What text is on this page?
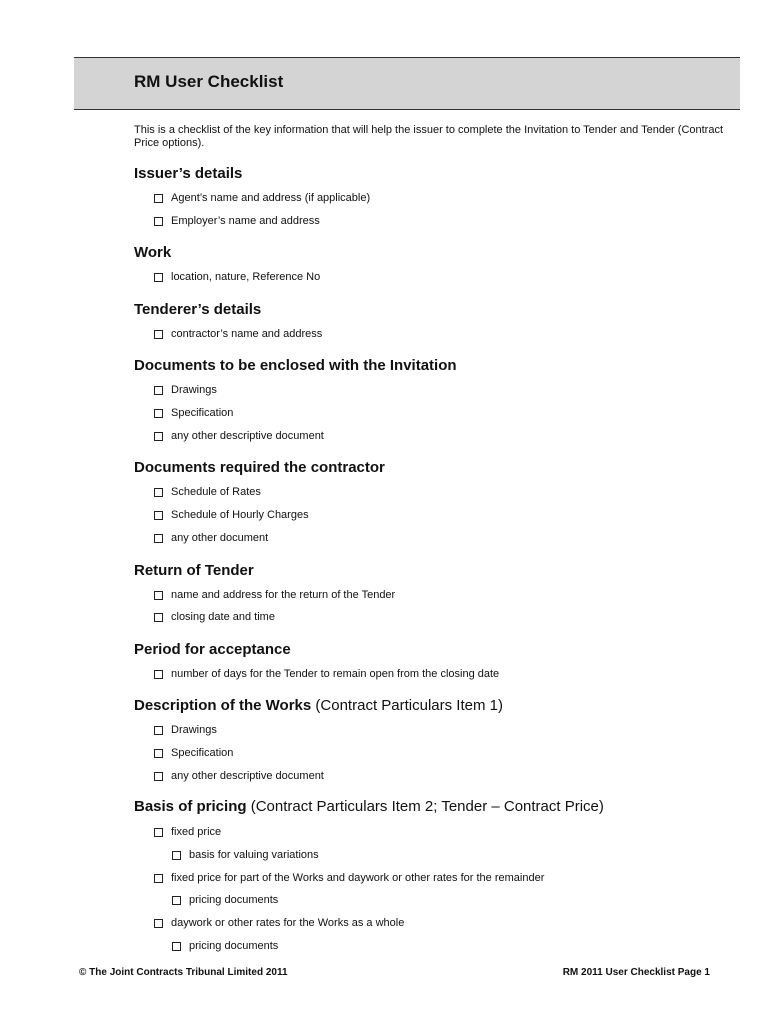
RM User Checklist

This is a checklist of the key information that will help the issuer to complete the Invitation to Tender and Tender (Contract Price options).

Issuer’s details
Agent’s name and address (if applicable)
Employer’s name and address
Work
location, nature, Reference No
Tenderer’s details
contractor’s name and address
Documents to be enclosed with the Invitation
Drawings
Specification
any other descriptive document
Documents required the contractor
Schedule of Rates
Schedule of Hourly Charges
any other document
Return of Tender
name and address for the return of the Tender
closing date and time
Period for acceptance
number of days for the Tender to remain open from the closing date
Description of the Works (Contract Particulars Item 1)
Drawings
Specification
any other descriptive document
Basis of pricing (Contract Particulars Item 2; Tender – Contract Price)
fixed price
basis for valuing variations
fixed price for part of the Works and daywork or other rates for the remainder
pricing documents
daywork or other rates for the Works as a whole
pricing documents
© The Joint Contracts Tribunal Limited 2011	RM 2011 User Checklist Page 1
